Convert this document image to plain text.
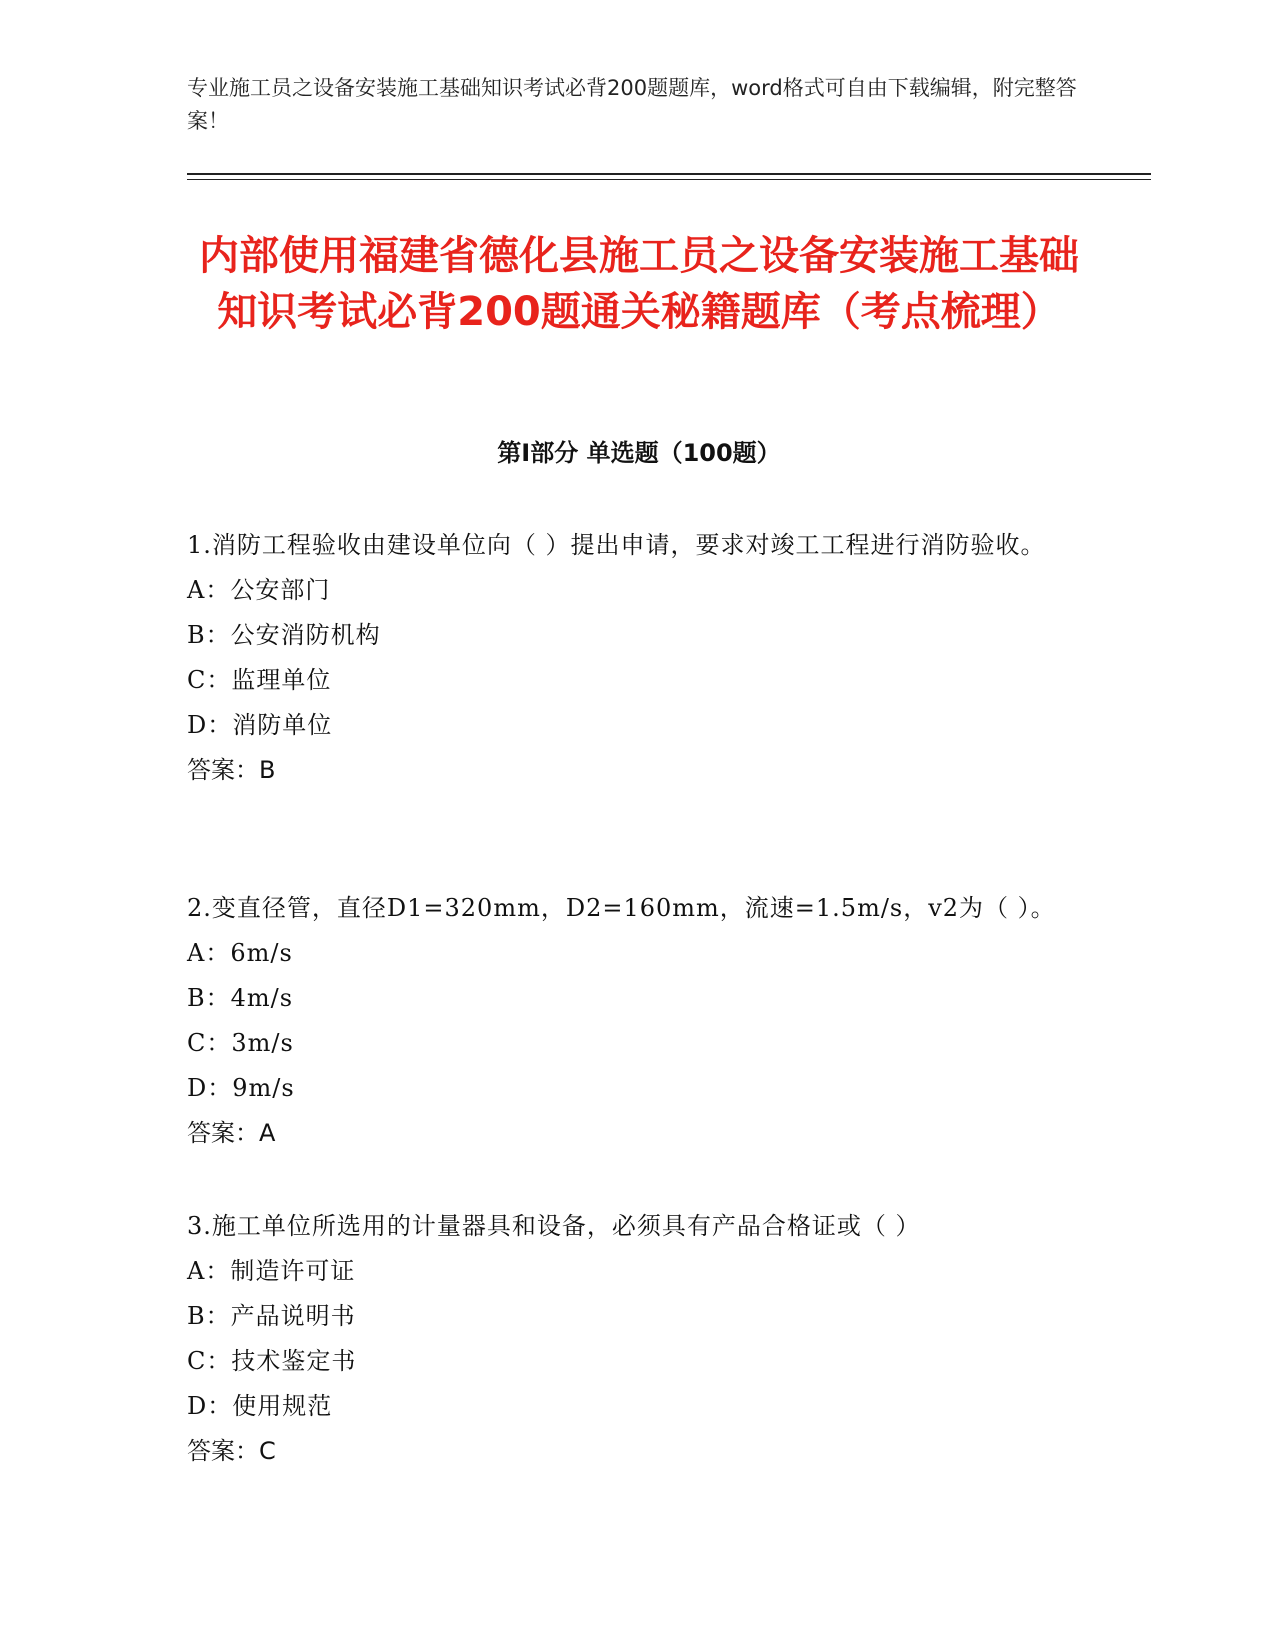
专业施工员之设备安装施工基础知识考试必背200题题库，word格式可自由下载编辑，附完整答案！
内部使用福建省德化县施工员之设备安装施工基础知识考试必背200题通关秘籍题库（考点梳理）
第I部分 单选题（100题）
1.消防工程验收由建设单位向（ ）提出申请，要求对竣工工程进行消防验收。
A：公安部门
B：公安消防机构
C：监理单位
D：消防单位
答案：B
2.变直径管，直径D1=320mm，D2=160mm，流速=1.5m/s，v2为（ ）。
A：6m/s
B：4m/s
C：3m/s
D：9m/s
答案：A
3.施工单位所选用的计量器具和设备，必须具有产品合格证或（ ）
A：制造许可证
B：产品说明书
C：技术鉴定书
D：使用规范
答案：C
